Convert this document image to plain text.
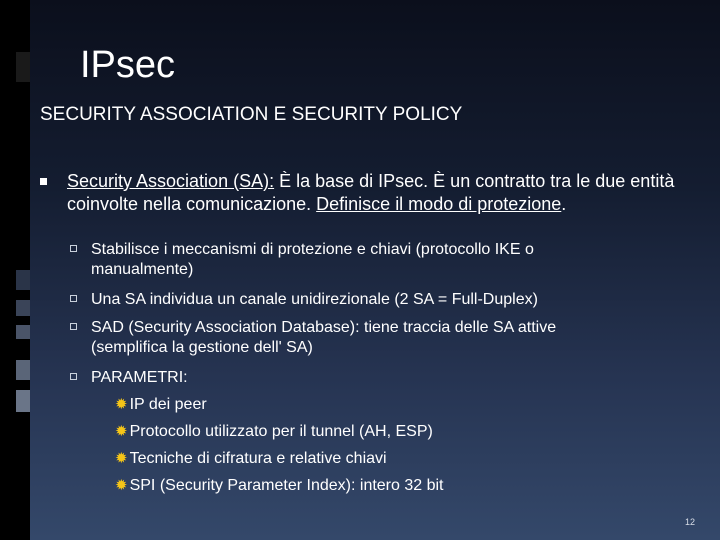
IPsec
SECURITY ASSOCIATION E SECURITY POLICY
Security Association (SA): È la base di IPsec. È un contratto tra le due entità coinvolte nella comunicazione. Definisce il modo di protezione.
Stabilisce i meccanismi di protezione e chiavi (protocollo IKE o manualmente)
Una SA individua un canale unidirezionale (2 SA = Full-Duplex)
SAD (Security Association Database): tiene traccia delle SA attive (semplifica la gestione dell' SA)
PARAMETRI:
✹ IP dei peer
✹ Protocollo utilizzato per il tunnel (AH, ESP)
✹ Tecniche di cifratura e relative chiavi
✹ SPI (Security Parameter Index): intero 32 bit
12
